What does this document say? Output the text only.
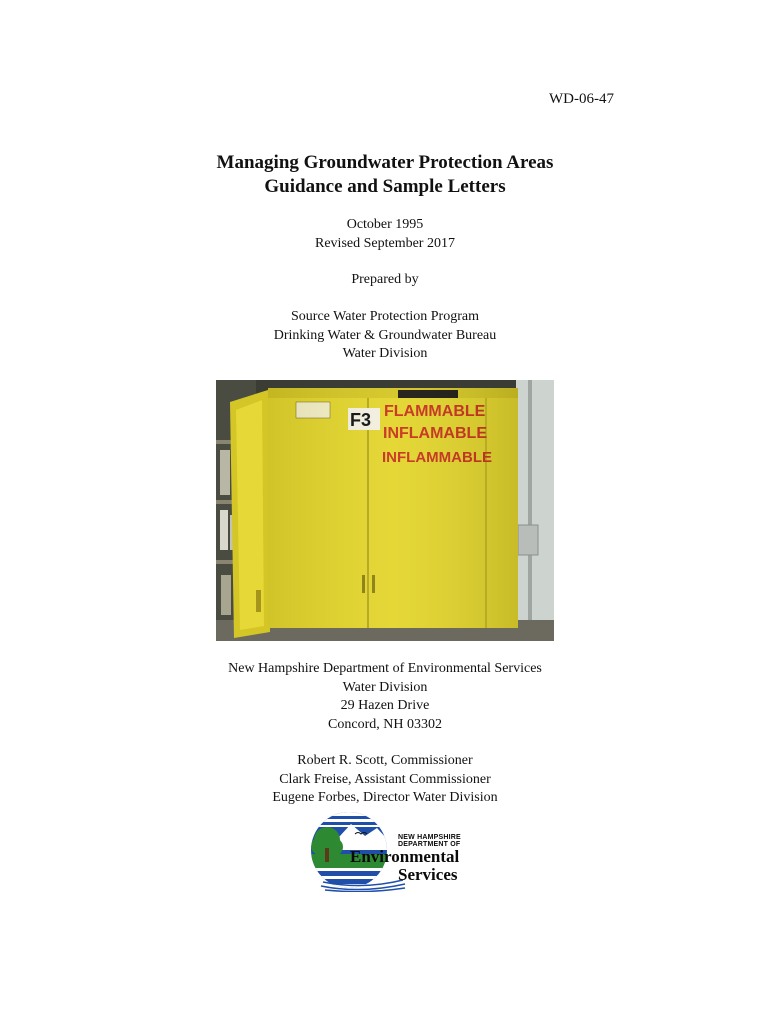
WD-06-47
Managing Groundwater Protection Areas
Guidance and Sample Letters
October 1995
Revised September 2017
Prepared by
Source Water Protection Program
Drinking Water & Groundwater Bureau
Water Division
New Hampshire Department of Environmental Services
Water Division
29 Hazen Drive
Concord, NH 03302
Robert R. Scott, Commissioner
Clark Freise, Assistant Commissioner
Eugene Forbes, Director Water Division
NEW HAMPSHIRE
DEPARTMENT OF
Environmental
Services
